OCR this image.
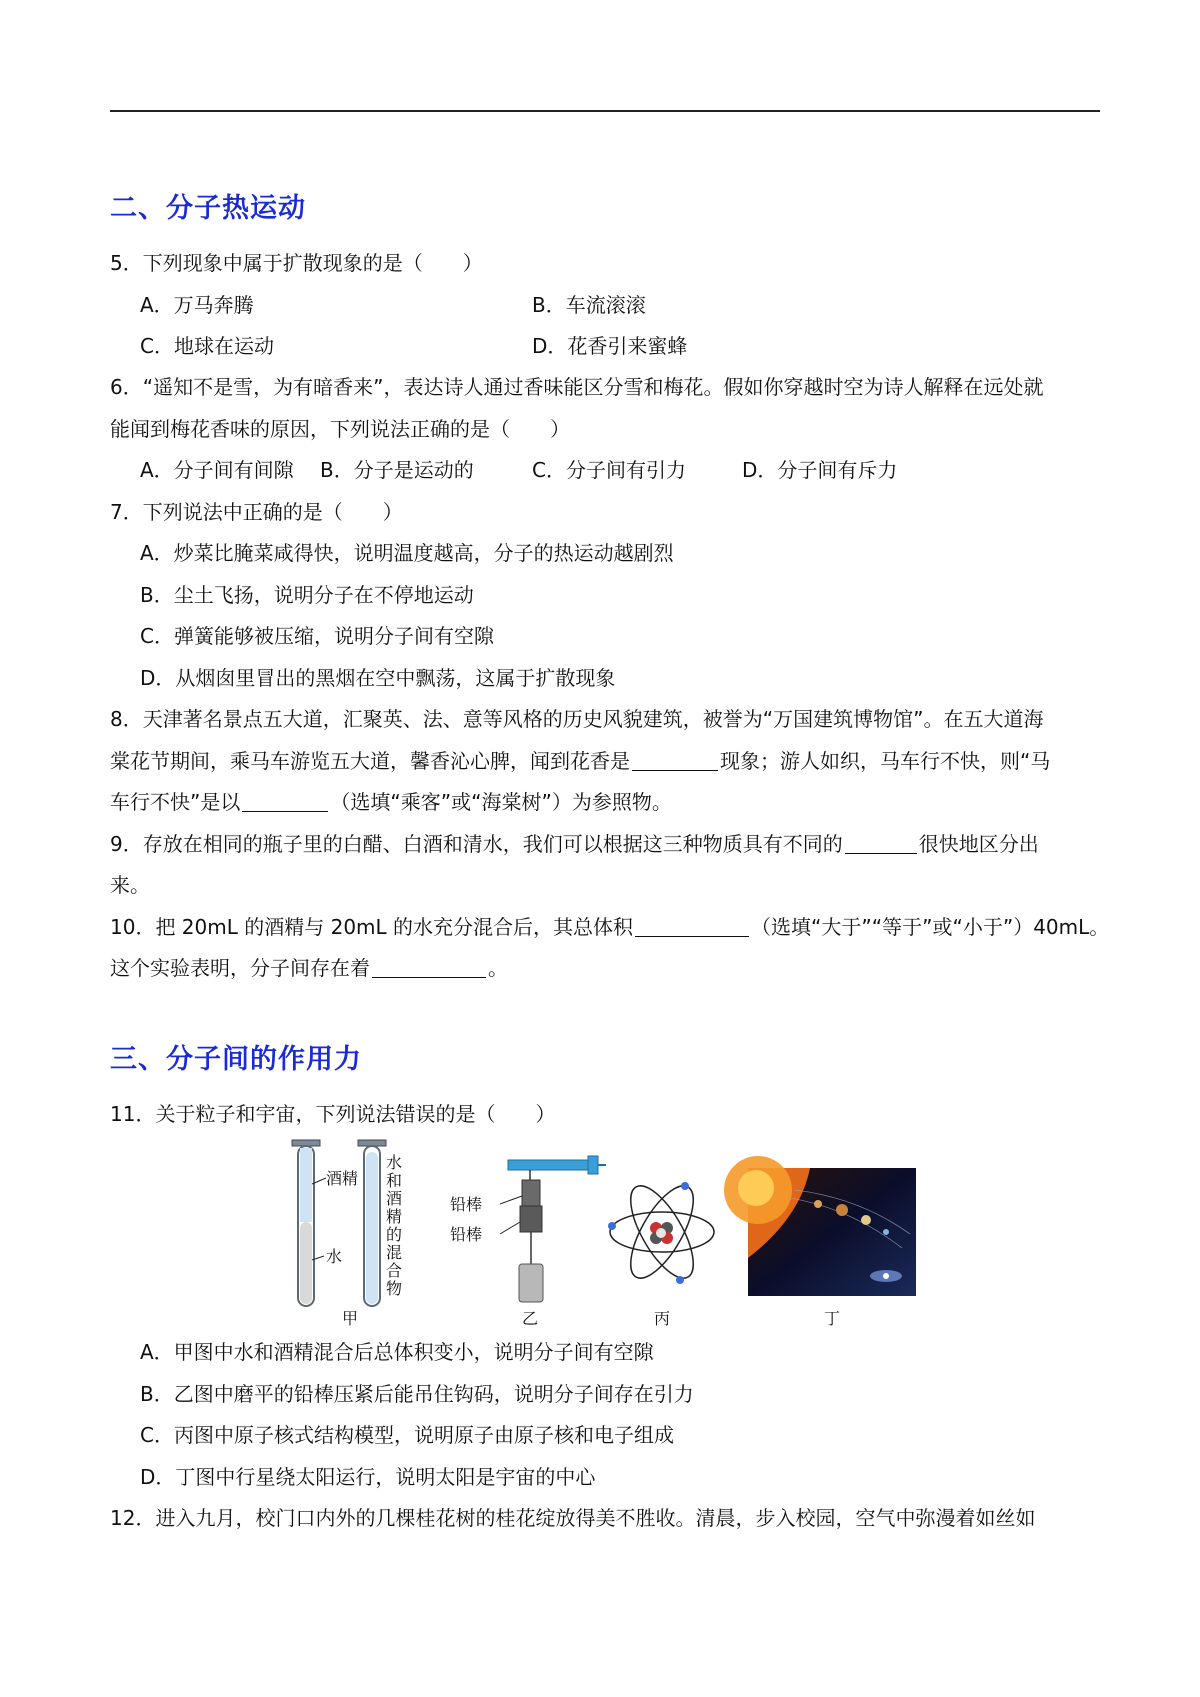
二、分子热运动
5．下列现象中属于扩散现象的是（　　）
A．万马奔腾	B．车流滚滚
C．地球在运动	D．花香引来蜜蜂
6．“遥知不是雪，为有暗香来”，表达诗人通过香味能区分雪和梅花。假如你穿越时空为诗人解释在远处就
能闻到梅花香味的原因，下列说法正确的是（　　）
A．分子间有间隙 B．分子是运动的	C．分子间有引力	D．分子间有斥力
7．下列说法中正确的是（　　）
A．炒菜比腌菜咸得快，说明温度越高，分子的热运动越剧烈
B．尘土飞扬，说明分子在不停地运动
C．弹簧能够被压缩，说明分子间有空隙
D．从烟囱里冒出的黑烟在空中飘荡，这属于扩散现象
8．天津著名景点五大道，汇聚英、法、意等风格的历史风貌建筑，被誉为“万国建筑博物馆”。在五大道海
棠花节期间，乘马车游览五大道，馨香沁心脾，闻到花香是	现象；游人如织，马车行不快，则“马
车行不快”是以	（选填“乘客”或“海棠树”）为参照物。
9．存放在相同的瓶子里的白醋、白酒和清水，我们可以根据这三种物质具有不同的	很快地区分出
来。
10．把 20mL 的酒精与 20mL 的水充分混合后，其总体积	（选填“大于”“等于”或“小于”）40mL。
这个实验表明，分子间存在着	。
三、分子间的作用力
11．关于粒子和宇宙，下列说法错误的是（　　）
酒精
水
水
和
酒
精
的
混
合
物
甲
铅棒
铅棒
乙	丙	丁
A．甲图中水和酒精混合后总体积变小，说明分子间有空隙
B．乙图中磨平的铅棒压紧后能吊住钩码，说明分子间存在引力
C．丙图中原子核式结构模型，说明原子由原子核和电子组成
D．丁图中行星绕太阳运行，说明太阳是宇宙的中心
12．进入九月，校门口内外的几棵桂花树的桂花绽放得美不胜收。清晨，步入校园，空气中弥漫着如丝如
